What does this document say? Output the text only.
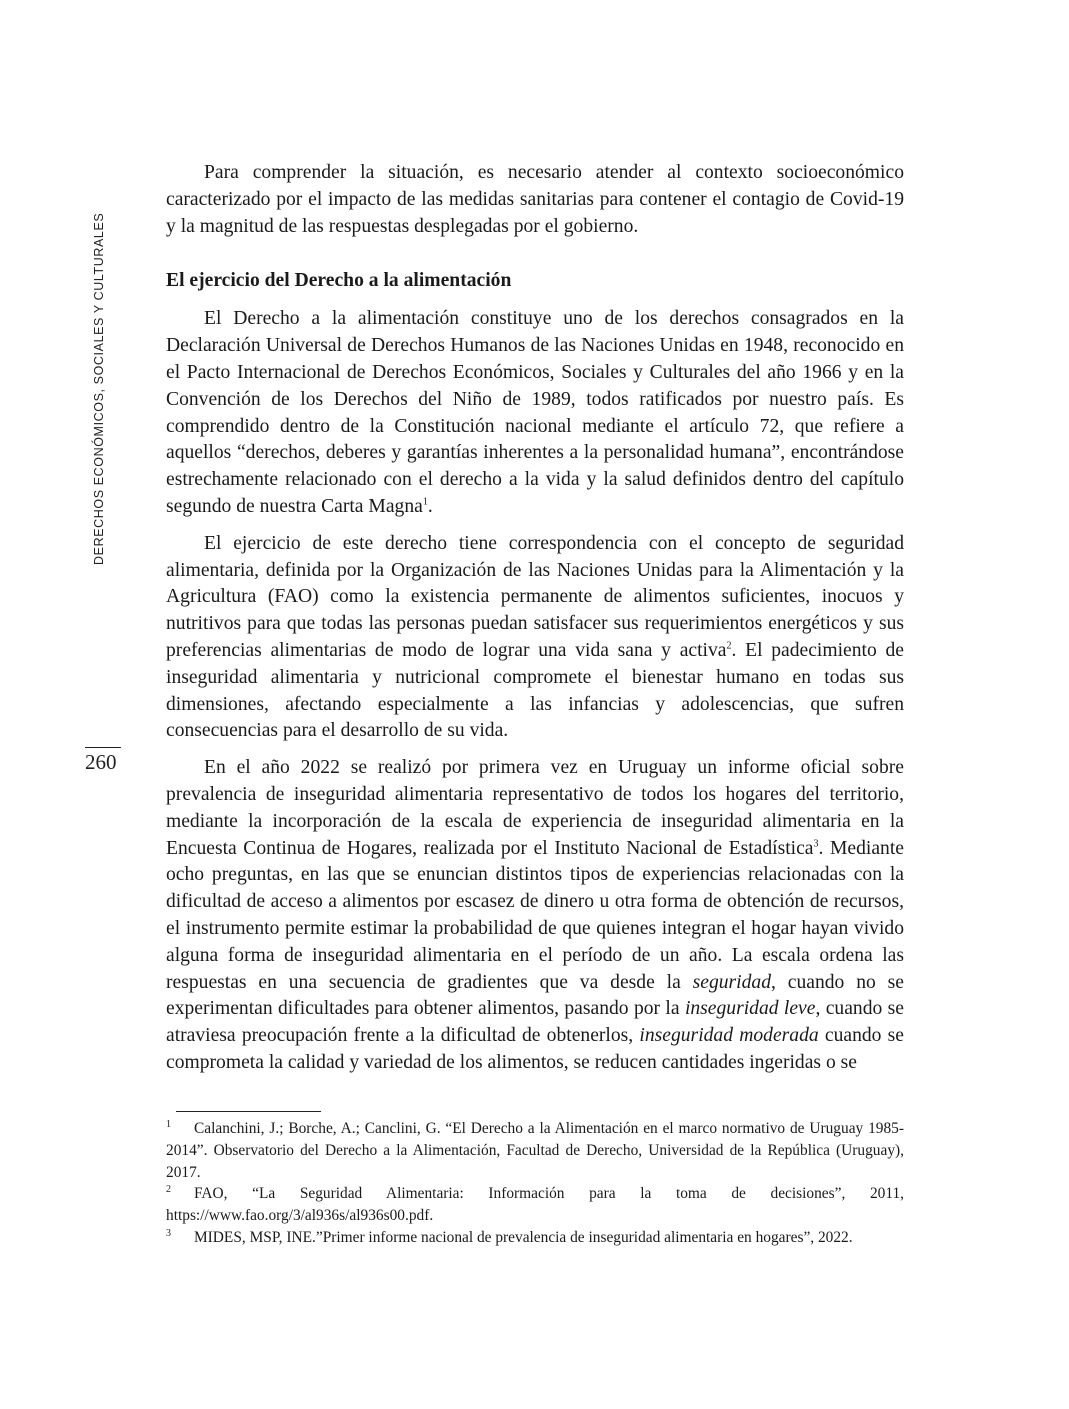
DERECHOS ECONÓMICOS, SOCIALES Y CULTURALES
260

Para comprender la situación, es necesario atender al contexto socioeconómico caracterizado por el impacto de las medidas sanitarias para contener el contagio de Covid-19 y la magnitud de las respuestas desplegadas por el gobierno.

El ejercicio del Derecho a la alimentación

El Derecho a la alimentación constituye uno de los derechos consagrados en la Declaración Universal de Derechos Humanos de las Naciones Unidas en 1948, reconocido en el Pacto Internacional de Derechos Económicos, Sociales y Culturales del año 1966 y en la Convención de los Derechos del Niño de 1989, todos ratificados por nuestro país. Es comprendido dentro de la Constitución nacional mediante el artículo 72, que refiere a aquellos “derechos, deberes y garantías inherentes a la personalidad humana”, encontrándose estrechamente relacionado con el derecho a la vida y la salud definidos dentro del capítulo segundo de nuestra Carta Magna$^1$.

El ejercicio de este derecho tiene correspondencia con el concepto de seguridad alimentaria, definida por la Organización de las Naciones Unidas para la Alimentación y la Agricultura (FAO) como la existencia permanente de alimentos suficientes, inocuos y nutritivos para que todas las personas puedan satisfacer sus requerimientos energéticos y sus preferencias alimentarias de modo de lograr una vida sana y activa$^2$. El padecimiento de inseguridad alimentaria y nutricional compromete el bienestar humano en todas sus dimensiones, afectando especialmente a las infancias y adolescencias, que sufren consecuencias para el desarrollo de su vida.

En el año 2022 se realizó por primera vez en Uruguay un informe oficial sobre prevalencia de inseguridad alimentaria representativo de todos los hogares del territorio, mediante la incorporación de la escala de experiencia de inseguridad alimentaria en la Encuesta Continua de Hogares, realizada por el Instituto Nacional de Estadística$^3$. Mediante ocho preguntas, en las que se enuncian distintos tipos de experiencias relacionadas con la dificultad de acceso a alimentos por escasez de dinero u otra forma de obtención de recursos, el instrumento permite estimar la probabilidad de que quienes integran el hogar hayan vivido alguna forma de inseguridad alimentaria en el período de un año. La escala ordena las respuestas en una secuencia de gradientes que va desde la seguridad, cuando no se experimentan dificultades para obtener alimentos, pasando por la inseguridad leve, cuando se atraviesa preocupación frente a la dificultad de obtenerlos, inseguridad moderada cuando se comprometa la calidad y variedad de los alimentos, se reducen cantidades ingeridas o se

1 Calanchini, J.; Borche, A.; Canclini, G. “El Derecho a la Alimentación en el marco normativo de Uruguay 1985-2014”. Observatorio del Derecho a la Alimentación, Facultad de Derecho, Universidad de la República (Uruguay), 2017.

2 FAO, “La Seguridad Alimentaria: Información para la toma de decisiones”, 2011, https://www.fao.org/3/al936s/al936s00.pdf.

3 MIDES, MSP, INE.”Primer informe nacional de prevalencia de inseguridad alimentaria en hogares”, 2022.
